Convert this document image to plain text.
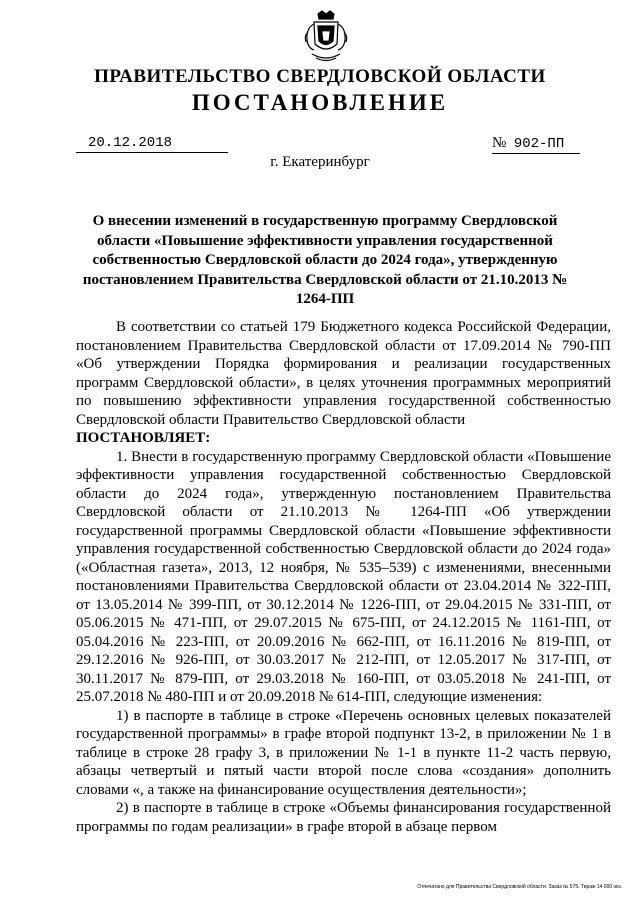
ПРАВИТЕЛЬСТВО СВЕРДЛОВСКОЙ ОБЛАСТИ
ПОСТАНОВЛЕНИЕ
20.12.2018	№ 902-ПП
г. Екатеринбург
О внесении изменений в государственную программу Свердловской области «Повышение эффективности управления государственной собственностью Свердловской области до 2024 года», утвержденную постановлением Правительства Свердловской области от 21.10.2013 № 1264-ПП

В соответствии со статьей 179 Бюджетного кодекса Российской Федерации, постановлением Правительства Свердловской области от 17.09.2014 № 790-ПП «Об утверждении Порядка формирования и реализации государственных программ Свердловской области», в целях уточнения программных мероприятий по повышению эффективности управления государственной собственностью Свердловской области Правительство Свердловской области

ПОСТАНОВЛЯЕТ:

1. Внести в государственную программу Свердловской области «Повышение эффективности управления государственной собственностью Свердловской области до 2024 года», утвержденную постановлением Правительства Свердловской области от 21.10.2013 № 1264-ПП «Об утверждении государственной программы Свердловской области «Повышение эффективности управления государственной собственностью Свердловской области до 2024 года» («Областная газета», 2013, 12 ноября, № 535–539) с изменениями, внесенными постановлениями Правительства Свердловской области от 23.04.2014 № 322-ПП, от 13.05.2014 № 399-ПП, от 30.12.2014 № 1226-ПП, от 29.04.2015 № 331-ПП, от 05.06.2015 № 471-ПП, от 29.07.2015 № 675-ПП, от 24.12.2015 № 1161-ПП, от 05.04.2016 № 223-ПП, от 20.09.2016 № 662-ПП, от 16.11.2016 № 819-ПП, от 29.12.2016 № 926-ПП, от 30.03.2017 № 212-ПП, от 12.05.2017 № 317-ПП, от 30.11.2017 № 879-ПП, от 29.03.2018 № 160-ПП, от 03.05.2018 № 241-ПП, от 25.07.2018 № 480-ПП и от 20.09.2018 № 614-ПП, следующие изменения:

1) в паспорте в таблице в строке «Перечень основных целевых показателей государственной программы» в графе второй подпункт 13-2, в приложении № 1 в таблице в строке 28 графу 3, в приложении № 1-1 в пункте 11-2 часть первую, абзацы четвертый и пятый части второй после слова «создания» дополнить словами «, а также на финансирование осуществления деятельности»;

2) в паспорте в таблице в строке «Объемы финансирования государственной программы по годам реализации» в графе второй в абзаце первом

Отпечатано для Правительства Свердловской области. Заказ № 575. Тираж 14 000 экз.
